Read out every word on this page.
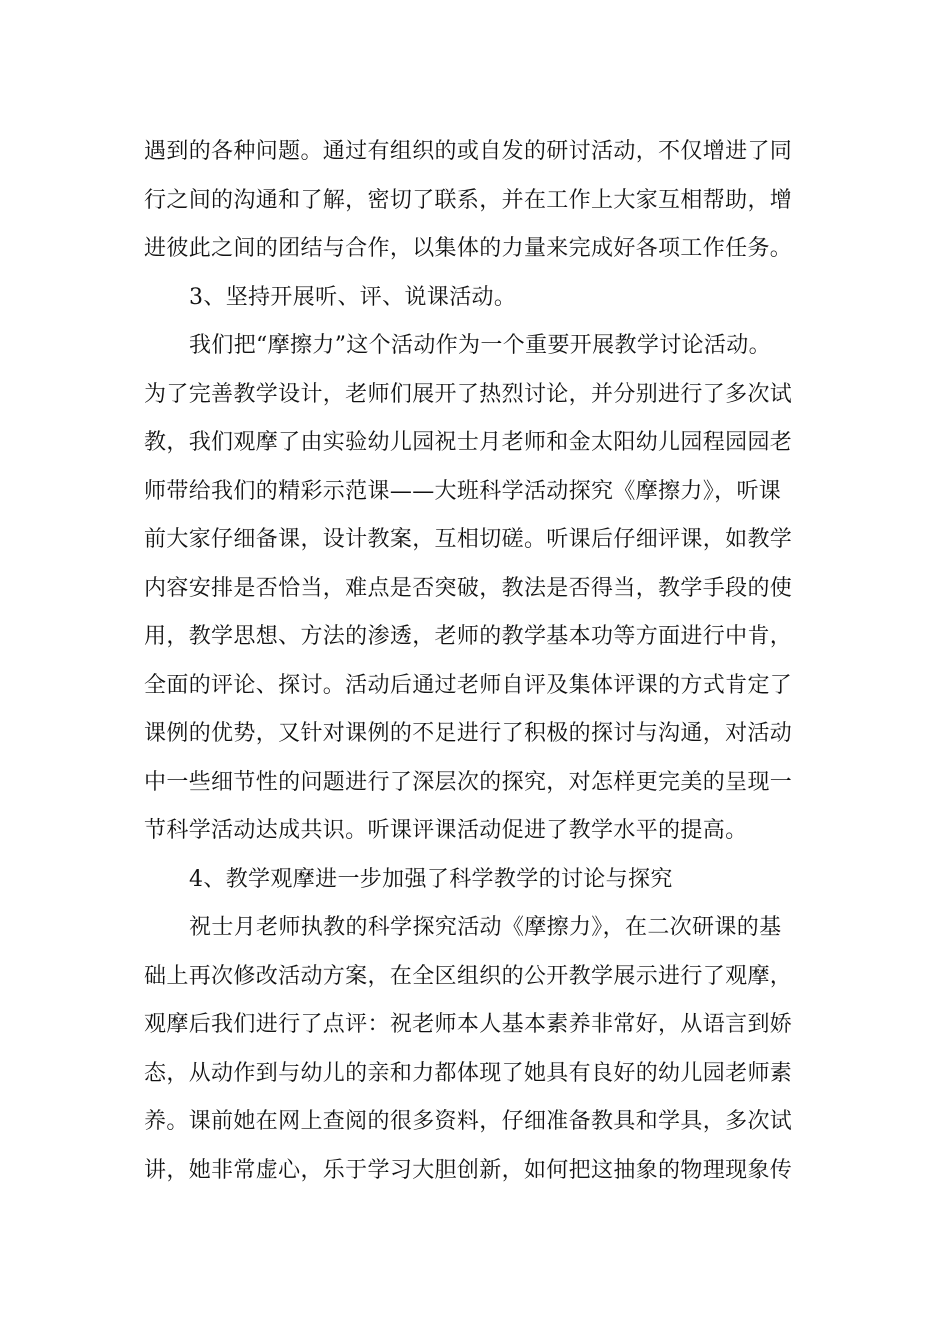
遇到的各种问题。通过有组织的或自发的研讨活动，不仅增进了同
行之间的沟通和了解，密切了联系，并在工作上大家互相帮助，增
进彼此之间的团结与合作，以集体的力量来完成好各项工作任务。
3、坚持开展听、评、说课活动。
我们把“摩擦力”这个活动作为一个重要开展教学讨论活动。
为了完善教学设计，老师们展开了热烈讨论，并分别进行了多次试
教，我们观摩了由实验幼儿园祝士月老师和金太阳幼儿园程园园老
师带给我们的精彩示范课——大班科学活动探究《摩擦力》，听课
前大家仔细备课，设计教案，互相切磋。听课后仔细评课，如教学
内容安排是否恰当，难点是否突破，教法是否得当，教学手段的使
用，教学思想、方法的渗透，老师的教学基本功等方面进行中肯，
全面的评论、探讨。活动后通过老师自评及集体评课的方式肯定了
课例的优势，又针对课例的不足进行了积极的探讨与沟通，对活动
中一些细节性的问题进行了深层次的探究，对怎样更完美的呈现一
节科学活动达成共识。听课评课活动促进了教学水平的提高。
4、教学观摩进一步加强了科学教学的讨论与探究
祝士月老师执教的科学探究活动《摩擦力》，在二次研课的基
础上再次修改活动方案，在全区组织的公开教学展示进行了观摩，
观摩后我们进行了点评：祝老师本人基本素养非常好，从语言到娇
态，从动作到与幼儿的亲和力都体现了她具有良好的幼儿园老师素
养。课前她在网上查阅的很多资料，仔细准备教具和学具，多次试
讲，她非常虚心，乐于学习大胆创新，如何把这抽象的物理现象传
